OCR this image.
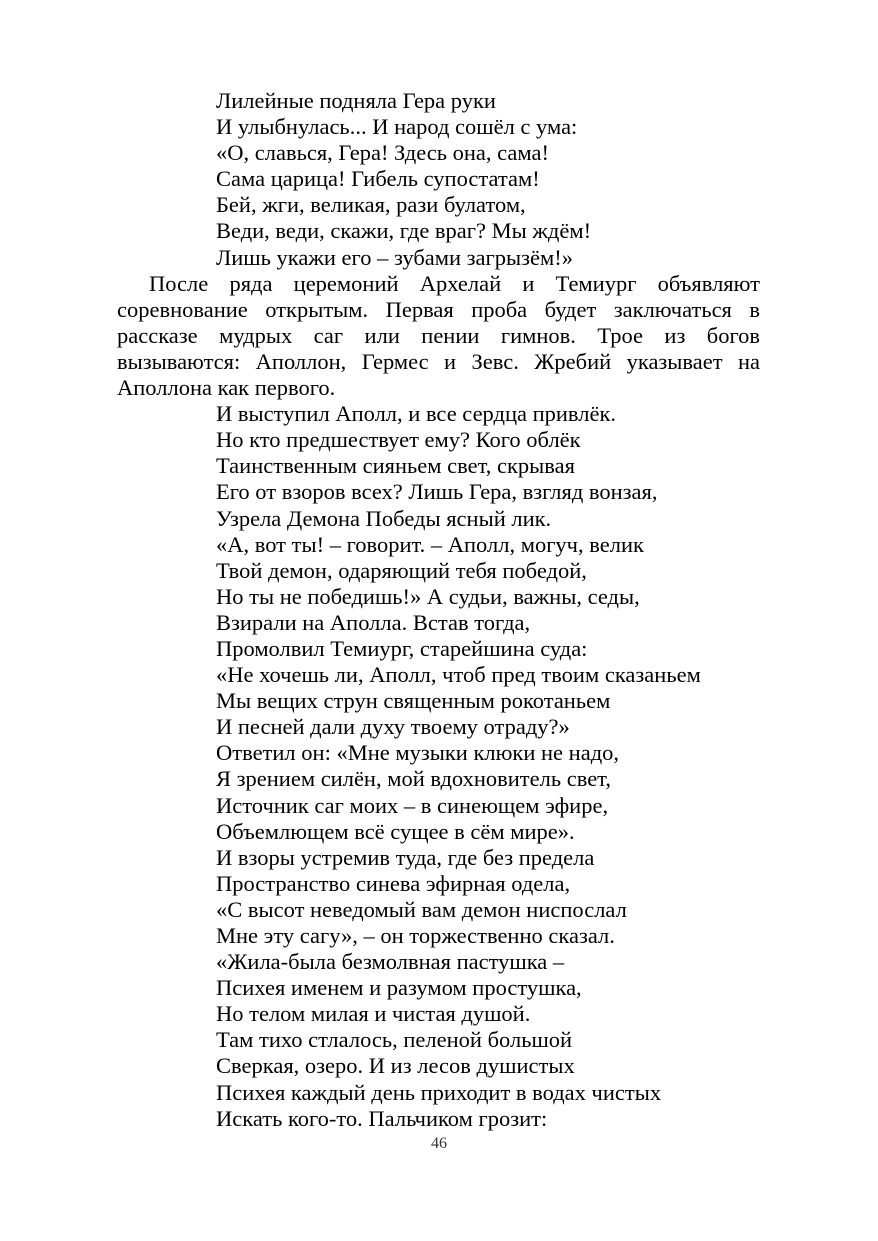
Лилейные подняла Гера руки
И улыбнулась... И народ сошёл с ума:
«О, славься, Гера! Здесь она, сама!
Сама царица! Гибель супостатам!
Бей, жги, великая, рази булатом,
Веди, веди, скажи, где враг? Мы ждём!
Лишь укажи его – зубами загрызём!»

После ряда церемоний Архелай и Темиург объявляют соревнование открытым. Первая проба будет заключаться в рассказе мудрых саг или пении гимнов. Трое из богов вызываются: Аполлон, Гермес и Зевс. Жребий указывает на Аполлона как первого.

И выступил Аполл, и все сердца привлёк.
Но кто предшествует ему? Кого облёк
Таинственным сияньем свет, скрывая
Его от взоров всех? Лишь Гера, взгляд вонзая,
Узрела Демона Победы ясный лик.
«А, вот ты! – говорит. – Аполл, могуч, велик
Твой демон, одаряющий тебя победой,
Но ты не победишь!» А судьи, важны, седы,
Взирали на Аполла. Встав тогда,
Промолвил Темиург, старейшина суда:
«Не хочешь ли, Аполл, чтоб пред твоим сказаньем
Мы вещих струн священным рокотаньем
И песней дали духу твоему отраду?»
Ответил он: «Мне музыки клюки не надо,
Я зрением силён, мой вдохновитель свет,
Источник саг моих – в синеющем эфире,
Объемлющем всё сущее в сём мире».
И взоры устремив туда, где без предела
Пространство синева эфирная одела,
«С высот неведомый вам демон ниспослал
Мне эту сагу», – он торжественно сказал.
«Жила-была безмолвная пастушка –
Психея именем и разумом простушка,
Но телом милая и чистая душой.
Там тихо стлалось, пеленой большой
Сверкая, озеро. И из лесов душистых
Психея каждый день приходит в водах чистых
Искать кого-то. Пальчиком грозит:
46
